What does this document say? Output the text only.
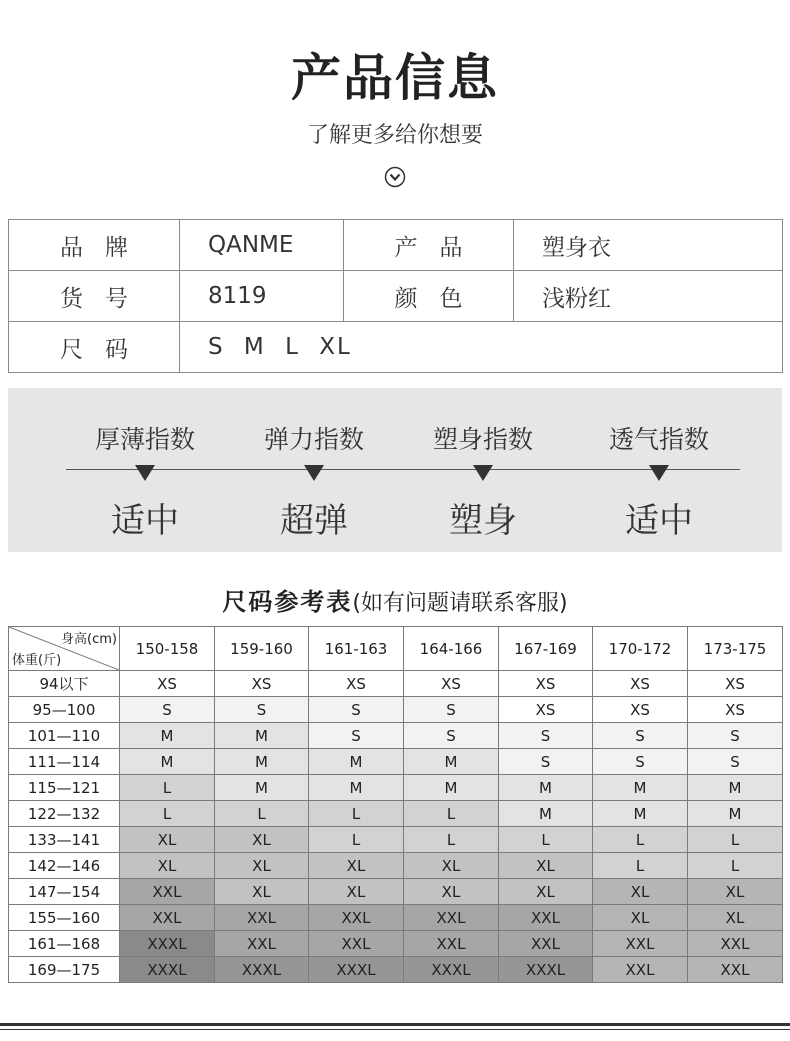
产品信息
了解更多给你想要
品牌	QANME	产品	塑身衣
货号	8119	颜色	浅粉红
尺码	S M L XL		
厚薄指数
适中
弹力指数
超弹
塑身指数
塑身
透气指数
适中
尺码参考表(如有问题请联系客服)
身高(cm)
体重(斤)	150-158	159-160	161-163	164-166	167-169	170-172	173-175
94以下	XS	XS	XS	XS	XS	XS	XS
95—100	S	S	S	S	XS	XS	XS
101—110	M	M	S	S	S	S	S
111—114	M	M	M	M	S	S	S
115—121	L	M	M	M	M	M	M
122—132	L	L	L	L	M	M	M
133—141	XL	XL	L	L	L	L	L
142—146	XL	XL	XL	XL	XL	L	L
147—154	XXL	XL	XL	XL	XL	XL	XL
155—160	XXL	XXL	XXL	XXL	XXL	XL	XL
161—168	XXXL	XXL	XXL	XXL	XXL	XXL	XXL
169—175	XXXL	XXXL	XXXL	XXXL	XXXL	XXL	XXL
